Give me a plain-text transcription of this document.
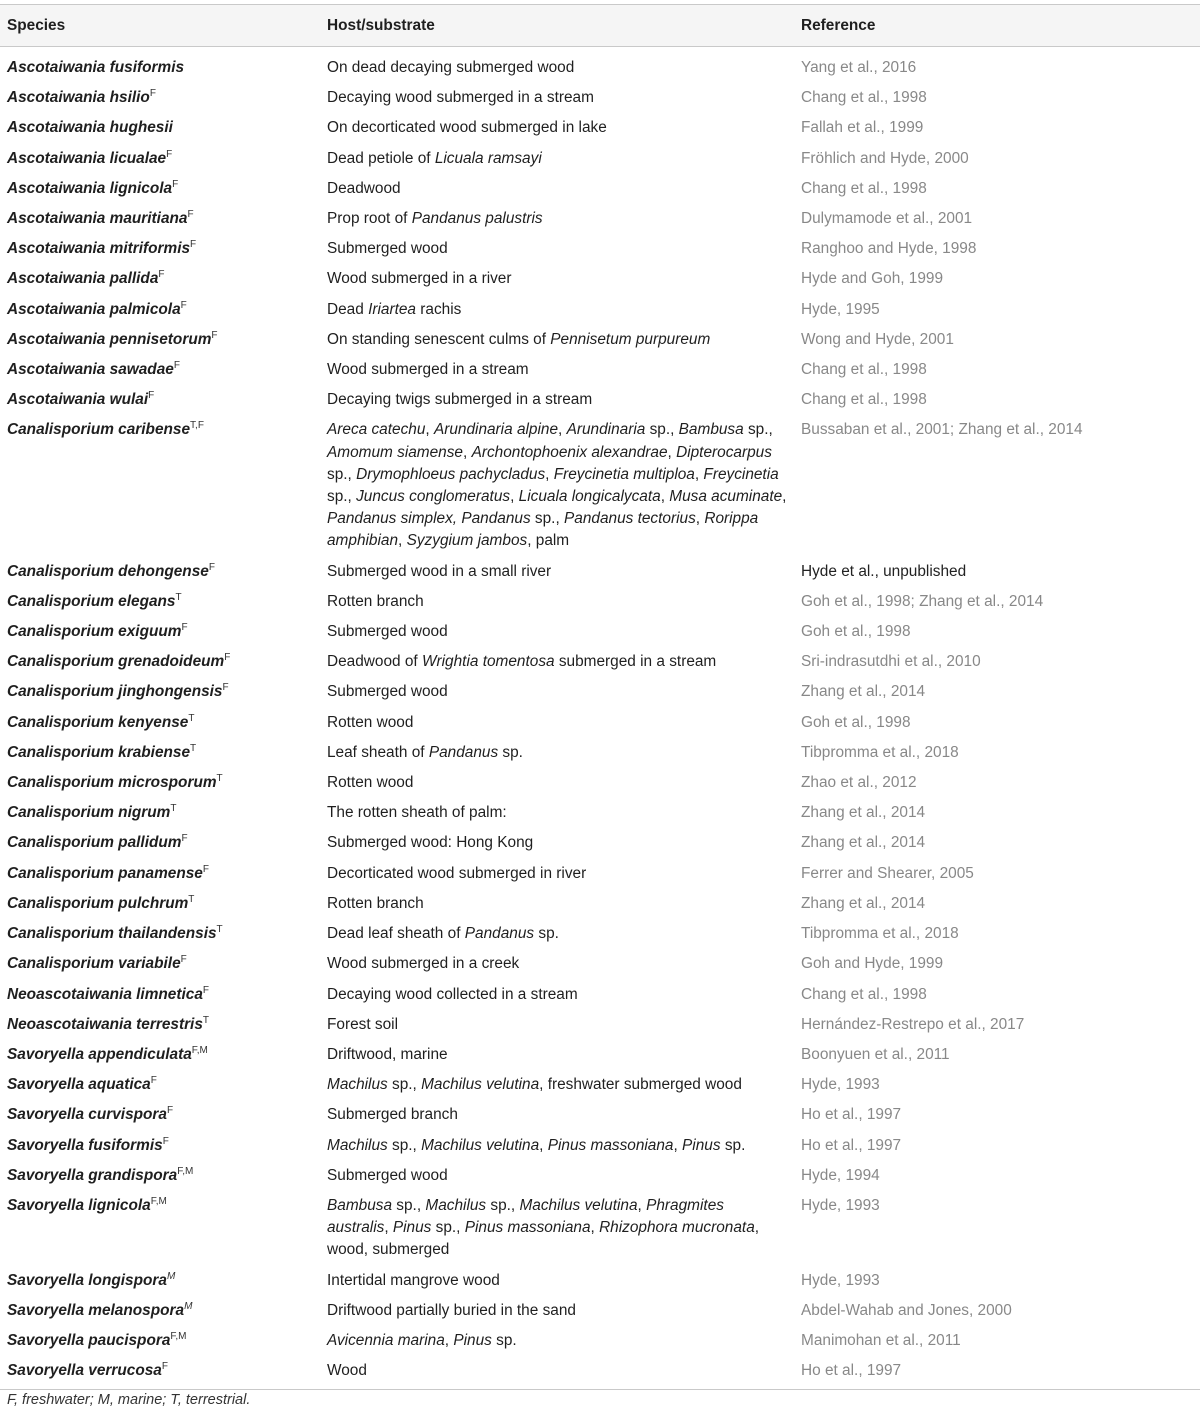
Species	Host/substrate	Reference
Ascotaiwania fusiformis	On dead decaying submerged wood	Yang et al., 2016
Ascotaiwania hsilio$^F$	Decaying wood submerged in a stream	Chang et al., 1998
Ascotaiwania hughesii	On decorticated wood submerged in lake	Fallah et al., 1999
Ascotaiwania licualae$^F$	Dead petiole of Licuala ramsayi	Fröhlich and Hyde, 2000
Ascotaiwania lignicola$^F$	Deadwood	Chang et al., 1998
Ascotaiwania mauritiana$^F$	Prop root of Pandanus palustris	Dulymamode et al., 2001
Ascotaiwania mitriformis$^F$	Submerged wood	Ranghoo and Hyde, 1998
Ascotaiwania pallida$^F$	Wood submerged in a river	Hyde and Goh, 1999
Ascotaiwania palmicola$^F$	Dead Iriartea rachis	Hyde, 1995
Ascotaiwania pennisetorum$^F$	On standing senescent culms of Pennisetum purpureum	Wong and Hyde, 2001
Ascotaiwania sawadae$^F$	Wood submerged in a stream	Chang et al., 1998
Ascotaiwania wulai$^F$	Decaying twigs submerged in a stream	Chang et al., 1998
Canalisporium caribense$^{T,F}$	Areca catechu, Arundinaria alpine, Arundinaria sp., Bambusa sp., Amomum siamense, Archontophoenix alexandrae, Dipterocarpus sp., Drymophloeus pachycladus, Freycinetia multiploa, Freycinetia sp., Juncus conglomeratus, Licuala longicalycata, Musa acuminate, Pandanus simplex, Pandanus sp., Pandanus tectorius, Rorippa amphibian, Syzygium jambos, palm	Bussaban et al., 2001; Zhang et al., 2014
Canalisporium dehongense$^F$	Submerged wood in a small river	Hyde et al., unpublished
Canalisporium elegans$^T$	Rotten branch	Goh et al., 1998; Zhang et al., 2014
Canalisporium exiguum$^F$	Submerged wood	Goh et al., 1998
Canalisporium grenadoideum$^F$	Deadwood of Wrightia tomentosa submerged in a stream	Sri-indrasutdhi et al., 2010
Canalisporium jinghongensis$^F$	Submerged wood	Zhang et al., 2014
Canalisporium kenyense$^T$	Rotten wood	Goh et al., 1998
Canalisporium krabiense$^T$	Leaf sheath of Pandanus sp.	Tibpromma et al., 2018
Canalisporium microsporum$^T$	Rotten wood	Zhao et al., 2012
Canalisporium nigrum$^T$	The rotten sheath of palm:	Zhang et al., 2014
Canalisporium pallidum$^F$	Submerged wood: Hong Kong	Zhang et al., 2014
Canalisporium panamense$^F$	Decorticated wood submerged in river	Ferrer and Shearer, 2005
Canalisporium pulchrum$^T$	Rotten branch	Zhang et al., 2014
Canalisporium thailandensis$^T$	Dead leaf sheath of Pandanus sp.	Tibpromma et al., 2018
Canalisporium variabile$^F$	Wood submerged in a creek	Goh and Hyde, 1999
Neoascotaiwania limnetica$^F$	Decaying wood collected in a stream	Chang et al., 1998
Neoascotaiwania terrestris$^T$	Forest soil	Hernández-Restrepo et al., 2017
Savoryella appendiculata$^{F,M}$	Driftwood, marine	Boonyuen et al., 2011
Savoryella aquatica$^F$	Machilus sp., Machilus velutina, freshwater submerged wood	Hyde, 1993
Savoryella curvispora$^F$	Submerged branch	Ho et al., 1997
Savoryella fusiformis$^F$	Machilus sp., Machilus velutina, Pinus massoniana, Pinus sp.	Ho et al., 1997
Savoryella grandispora$^{F,M}$	Submerged wood	Hyde, 1994
Savoryella lignicola$^{F,M}$	Bambusa sp., Machilus sp., Machilus velutina, Phragmites australis, Pinus sp., Pinus massoniana, Rhizophora mucronata, wood, submerged	Hyde, 1993
Savoryella longispora$^M$	Intertidal mangrove wood	Hyde, 1993
Savoryella melanospora$^M$	Driftwood partially buried in the sand	Abdel-Wahab and Jones, 2000
Savoryella paucispora$^{F,M}$	Avicennia marina, Pinus sp.	Manimohan et al., 2011
Savoryella verrucosa$^F$	Wood	Ho et al., 1997
F, freshwater; M, marine; T, terrestrial.
